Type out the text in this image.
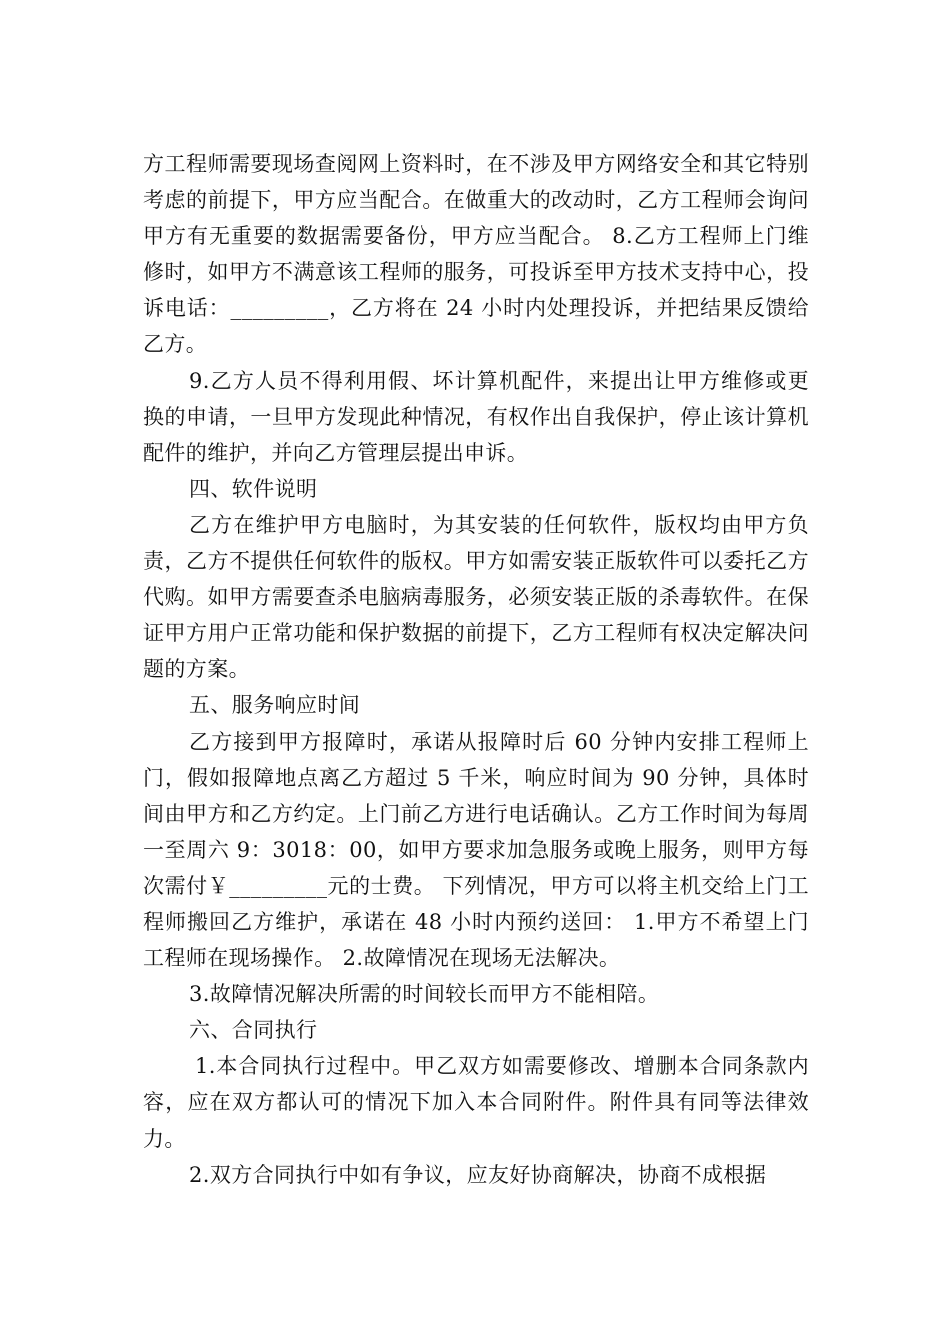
方工程师需要现场查阅网上资料时，在不涉及甲方网络安全和其它特别考虑的前提下，甲方应当配合。在做重大的改动时，乙方工程师会询问甲方有无重要的数据需要备份，甲方应当配合。 8.乙方工程师上门维修时，如甲方不满意该工程师的服务，可投诉至甲方技术支持中心，投诉电话：_________，乙方将在 24 小时内处理投诉，并把结果反馈给乙方。

9.乙方人员不得利用假、坏计算机配件，来提出让甲方维修或更换的申请，一旦甲方发现此种情况，有权作出自我保护，停止该计算机配件的维护，并向乙方管理层提出申诉。

四、软件说明

乙方在维护甲方电脑时，为其安装的任何软件，版权均由甲方负责，乙方不提供任何软件的版权。甲方如需安装正版软件可以委托乙方代购。如甲方需要查杀电脑病毒服务，必须安装正版的杀毒软件。在保证甲方用户正常功能和保护数据的前提下，乙方工程师有权决定解决问题的方案。

五、服务响应时间

乙方接到甲方报障时，承诺从报障时后 60 分钟内安排工程师上门，假如报障地点离乙方超过 5 千米，响应时间为 90 分钟，具体时间由甲方和乙方约定。上门前乙方进行电话确认。乙方工作时间为每周一至周六 9：3018：00，如甲方要求加急服务或晚上服务，则甲方每次需付￥_________元的士费。 下列情况，甲方可以将主机交给上门工程师搬回乙方维护，承诺在 48 小时内预约送回： 1.甲方不希望上门工程师在现场操作。 2.故障情况在现场无法解决。

3.故障情况解决所需的时间较长而甲方不能相陪。

六、合同执行

1.本合同执行过程中。甲乙双方如需要修改、增删本合同条款内容，应在双方都认可的情况下加入本合同附件。附件具有同等法律效力。

2.双方合同执行中如有争议，应友好协商解决，协商不成根据
